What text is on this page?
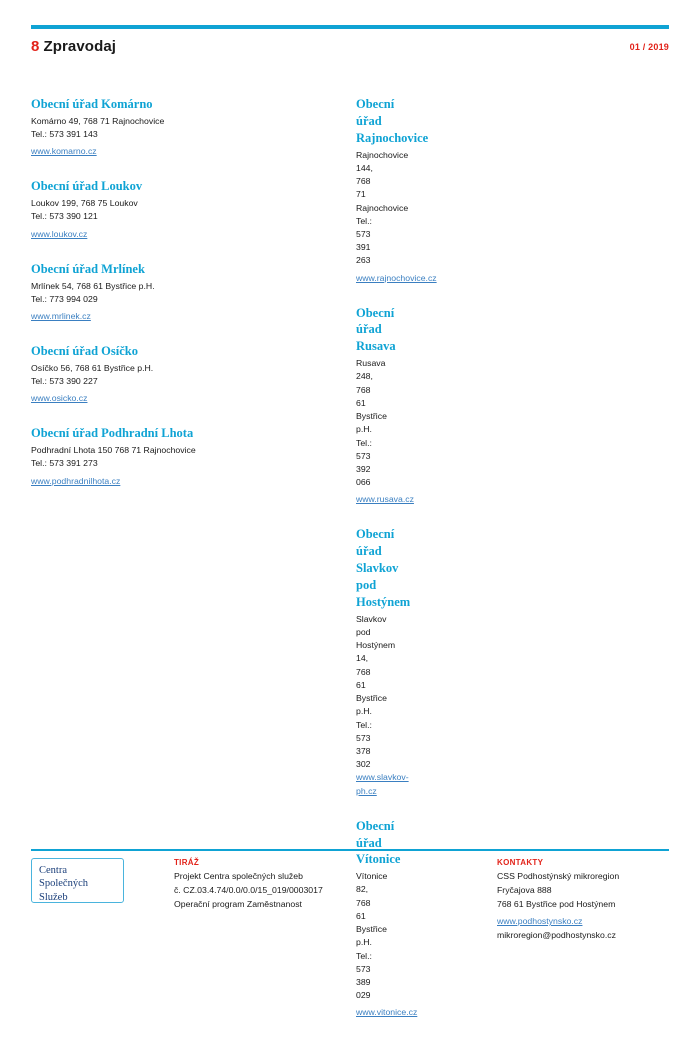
8 Zpravodaj	01 / 2019
Obecní úřad Komárno
Komárno 49, 768 71 Rajnochovice
Tel.: 573 391 143
www.komarno.cz
Obecní úřad Loukov
Loukov 199, 768 75 Loukov
Tel.: 573 390 121
www.loukov.cz
Obecní úřad Mrlínek
Mrlínek 54, 768 61 Bystřice p.H.
Tel.: 773 994 029
www.mrlinek.cz
Obecní úřad Osíčko
Osíčko 56, 768 61 Bystřice p.H.
Tel.: 573 390 227
www.osicko.cz
Obecní úřad Podhradní Lhota
Podhradní Lhota 150 768 71 Rajnochovice
Tel.: 573 391 273
www.podhradnilhota.cz
Obecní úřad Rajnochovice
Rajnochovice 144, 768 71 Rajnochovice
Tel.: 573 391 263
www.rajnochovice.cz
Obecní úřad Rusava
Rusava 248, 768 61 Bystřice p.H.
Tel.: 573 392 066
www.rusava.cz
Obecní úřad Slavkov pod Hostýnem
Slavkov pod Hostýnem 14, 768 61 Bystřice p.H.
Tel.: 573 378 302
www.slavkov-ph.cz
Obecní úřad Vítonice
Vítonice 82, 768 61 Bystřice p.H.
Tel.: 573 389 029
www.vitonice.cz
Centra
Společných
Služeb
TIRÁŽ
Projekt Centra společných služeb
č. CZ.03.4.74/0.0/0.0/15_019/0003017
Operační program Zaměstnanost
KONTAKTY
CSS Podhostýnský mikroregion
Fryčajova 888
768 61 Bystřice pod Hostýnem
www.podhostynsko.cz
mikroregion@podhostynsko.cz
